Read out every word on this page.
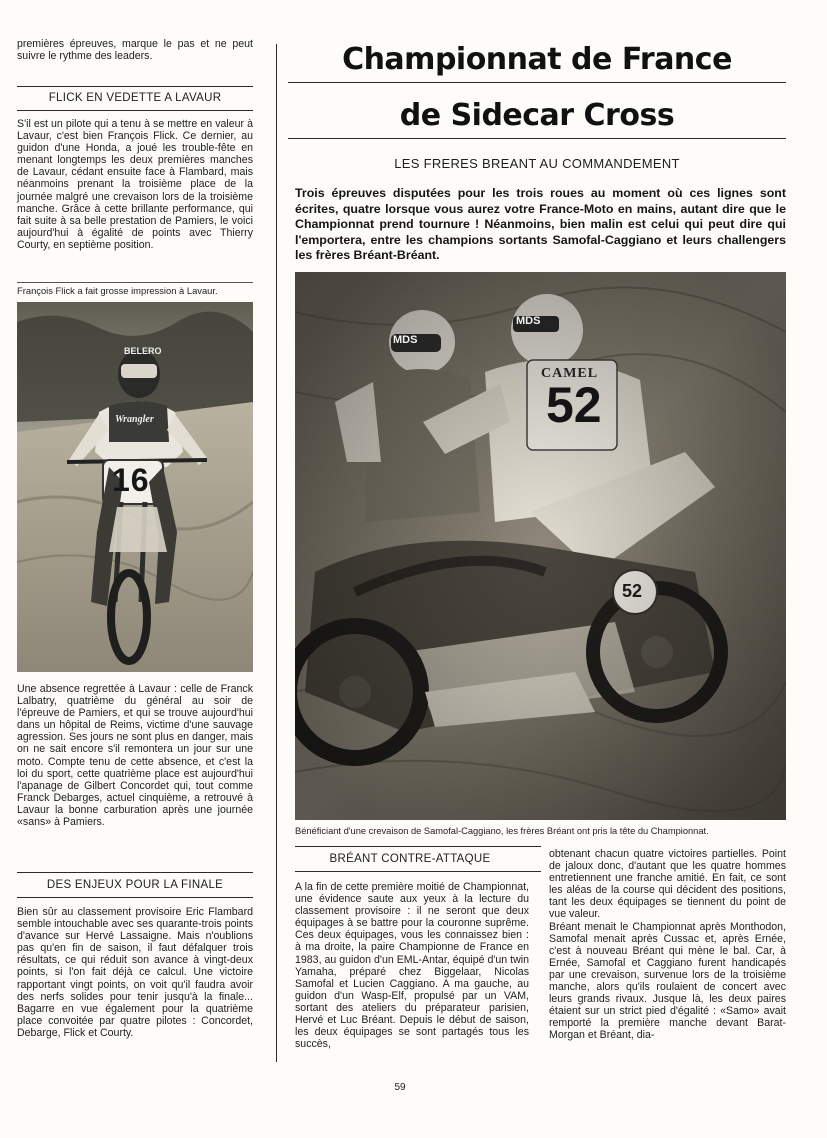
premières épreuves, marque le pas et ne peut suivre le rythme des leaders.

FLICK EN VEDETTE A LAVAUR

S'il est un pilote qui a tenu à se mettre en valeur à Lavaur, c'est bien François Flick. Ce dernier, au guidon d'une Honda, a joué les trouble-fête en menant longtemps les deux premières manches de Lavaur, cédant ensuite face à Flambard, mais néanmoins prenant la troisième place de la journée malgré une crevaison lors de la troisième manche. Grâce à cette brillante performance, qui fait suite à sa belle prestation de Pamiers, le voici aujourd'hui à égalité de points avec Thierry Courty, en septième position.

François Flick a fait grosse impression à Lavaur.
BELERO
Wrangler
16

Une absence regrettée à Lavaur : celle de Franck Lalbatry, quatrième du général au soir de l'épreuve de Pamiers, et qui se trouve aujourd'hui dans un hôpital de Reims, victime d'une sauvage agression. Ses jours ne sont plus en danger, mais on ne sait encore s'il remontera un jour sur une moto. Compte tenu de cette absence, et c'est la loi du sport, cette quatrième place est aujourd'hui l'apanage de Gilbert Concordet qui, tout comme Franck Debarges, actuel cinquième, a retrouvé à Lavaur la bonne carburation après une journée «sans» à Pamiers.

DES ENJEUX POUR LA FINALE

Bien sûr au classement provisoire Eric Flambard semble intouchable avec ses quarante-trois points d'avance sur Hervé Lassaigne. Mais n'oublions pas qu'en fin de saison, il faut défalquer trois résultats, ce qui réduit son avance à vingt-deux points, si l'on fait déjà ce calcul. Une victoire rapportant vingt points, on voit qu'il faudra avoir des nerfs solides pour tenir jusqu'à la finale... Bagarre en vue également pour la quatrième place convoitée par quatre pilotes : Concordet, Debarge, Flick et Courty.

Championnat de France
de Sidecar Cross
LES FRERES BREANT AU COMMANDEMENT

Trois épreuves disputées pour les trois roues au moment où ces lignes sont écrites, quatre lorsque vous aurez votre France-Moto en mains, autant dire que le Championnat prend tournure ! Néanmoins, bien malin est celui qui peut dire qui l'emportera, entre les champions sortants Samofal-Caggiano et leurs challengers les frères Bréant-Bréant.

MDS
MDS
CAMEL
52
52
Bénéficiant d'une crevaison de Samofal-Caggiano, les frères Bréant ont pris la tête du Championnat.
BRÉANT CONTRE-ATTAQUE

A la fin de cette première moitié de Championnat, une évidence saute aux yeux à la lecture du classement provisoire : il ne seront que deux équipages à se battre pour la couronne suprême. Ces deux équipages, vous les connaissez bien : à ma droite, la paire Championne de France en 1983, au guidon d'un EML-Antar, équipé d'un twin Yamaha, préparé chez Biggelaar, Nicolas Samofal et Lucien Caggiano. A ma gauche, au guidon d'un Wasp-Elf, propulsé par un VAM, sortant des ateliers du préparateur parisien, Hervé et Luc Bréant. Depuis le début de saison, les deux équipages se sont partagés tous les succès,

obtenant chacun quatre victoires partielles. Point de jaloux donc, d'autant que les quatre hommes entretiennent une franche amitié. En fait, ce sont les aléas de la course qui décident des positions, tant les deux équipages se tiennent du point de vue valeur.

Bréant menait le Championnat après Monthodon, Samofal menait après Cussac et, après Ernée, c'est à nouveau Bréant qui mène le bal. Car, à Ernée, Samofal et Caggiano furent handicapés par une crevaison, survenue lors de la troisième manche, alors qu'ils roulaient de concert avec leurs grands rivaux. Jusque là, les deux paires étaient sur un strict pied d'égalité : «Samo» avait remporté la première manche devant Barat-Morgan et Bréant, dia-

59
